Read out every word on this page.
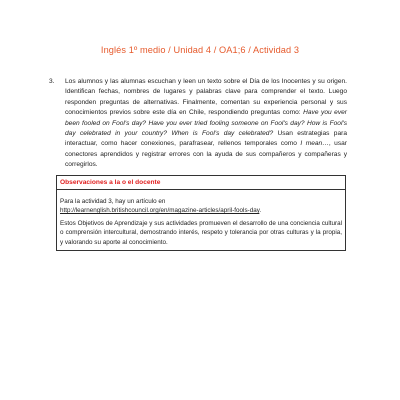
Inglés 1º medio / Unidad 4 / OA1;6 / Actividad 3
3. Los alumnos y las alumnas escuchan y leen un texto sobre el Día de los Inocentes y su origen. Identifican fechas, nombres de lugares y palabras clave para comprender el texto. Luego responden preguntas de alternativas. Finalmente, comentan su experiencia personal y sus conocimientos previos sobre este día en Chile, respondiendo preguntas como: Have you ever been fooled on Fool's day? Have you ever tried fooling someone on Fool's day? How is Fool's day celebrated in your country? When is Fool's day celebrated? Usan estrategias para interactuar, como hacer conexiones, parafrasear, rellenos temporales como I mean…, usar conectores aprendidos y registrar errores con la ayuda de sus compañeros y compañeras y corregirlos.
Observaciones a la o el docente

Para la actividad 3, hay un artículo en
http://learnenglish.britishcouncil.org/en/magazine-articles/april-fools-day.

Estos Objetivos de Aprendizaje y sus actividades promueven el desarrollo de una conciencia cultural o comprensión intercultural, demostrando interés, respeto y tolerancia por otras culturas y la propia, y valorando su aporte al conocimiento.
